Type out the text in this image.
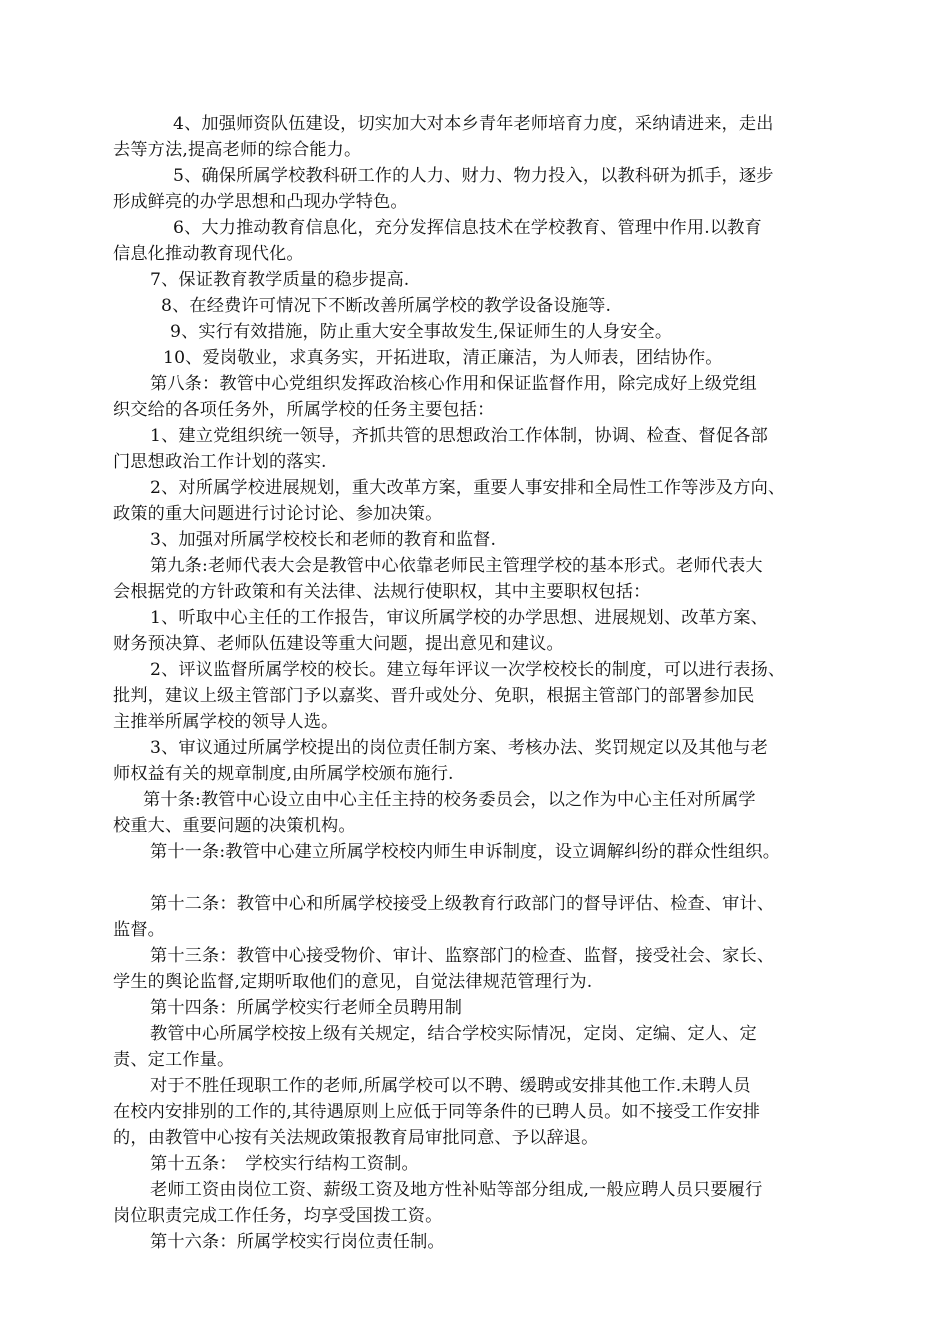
4、加强师资队伍建设，切实加大对本乡青年老师培育力度，采纳请进来，走出
去等方法,提高老师的综合能力。
5、确保所属学校教科研工作的人力、财力、物力投入，以教科研为抓手，逐步
形成鲜亮的办学思想和凸现办学特色。
6、大力推动教育信息化，充分发挥信息技术在学校教育、管理中作用.以教育
信息化推动教育现代化。
7、保证教育教学质量的稳步提高.
8、在经费许可情况下不断改善所属学校的教学设备设施等.
9、实行有效措施，防止重大安全事故发生,保证师生的人身安全。
10、爱岗敬业，求真务实，开拓进取，清正廉洁，为人师表，团结协作。
第八条：教管中心党组织发挥政治核心作用和保证监督作用，除完成好上级党组
织交给的各项任务外，所属学校的任务主要包括：
1、建立党组织统一领导，齐抓共管的思想政治工作体制，协调、检查、督促各部
门思想政治工作计划的落实.
2、对所属学校进展规划，重大改革方案，重要人事安排和全局性工作等涉及方向、
政策的重大问题进行讨论讨论、参加决策。
3、加强对所属学校校长和老师的教育和监督.
第九条:老师代表大会是教管中心依靠老师民主管理学校的基本形式。老师代表大
会根据党的方针政策和有关法律、法规行使职权，其中主要职权包括：
1、听取中心主任的工作报告，审议所属学校的办学思想、进展规划、改革方案、
财务预决算、老师队伍建设等重大问题，提出意见和建议。
2、评议监督所属学校的校长。建立每年评议一次学校校长的制度，可以进行表扬、
批判，建议上级主管部门予以嘉奖、晋升或处分、免职，根据主管部门的部署参加民
主推举所属学校的领导人选。
3、审议通过所属学校提出的岗位责任制方案、考核办法、奖罚规定以及其他与老
师权益有关的规章制度,由所属学校颁布施行.
第十条:教管中心设立由中心主任主持的校务委员会，以之作为中心主任对所属学
校重大、重要问题的决策机构。
第十一条:教管中心建立所属学校校内师生申诉制度，设立调解纠纷的群众性组织。
第十二条：教管中心和所属学校接受上级教育行政部门的督导评估、检查、审计、
监督。
第十三条：教管中心接受物价、审计、监察部门的检查、监督，接受社会、家长、
学生的舆论监督,定期听取他们的意见，自觉法律规范管理行为.
第十四条：所属学校实行老师全员聘用制
教管中心所属学校按上级有关规定，结合学校实际情况，定岗、定编、定人、定
责、定工作量。
对于不胜任现职工作的老师,所属学校可以不聘、缓聘或安排其他工作.未聘人员
在校内安排别的工作的,其待遇原则上应低于同等条件的已聘人员。如不接受工作安排
的，由教管中心按有关法规政策报教育局审批同意、予以辞退。
第十五条：　学校实行结构工资制。
老师工资由岗位工资、薪级工资及地方性补贴等部分组成,一般应聘人员只要履行
岗位职责完成工作任务，均享受国拨工资。
第十六条：所属学校实行岗位责任制。
